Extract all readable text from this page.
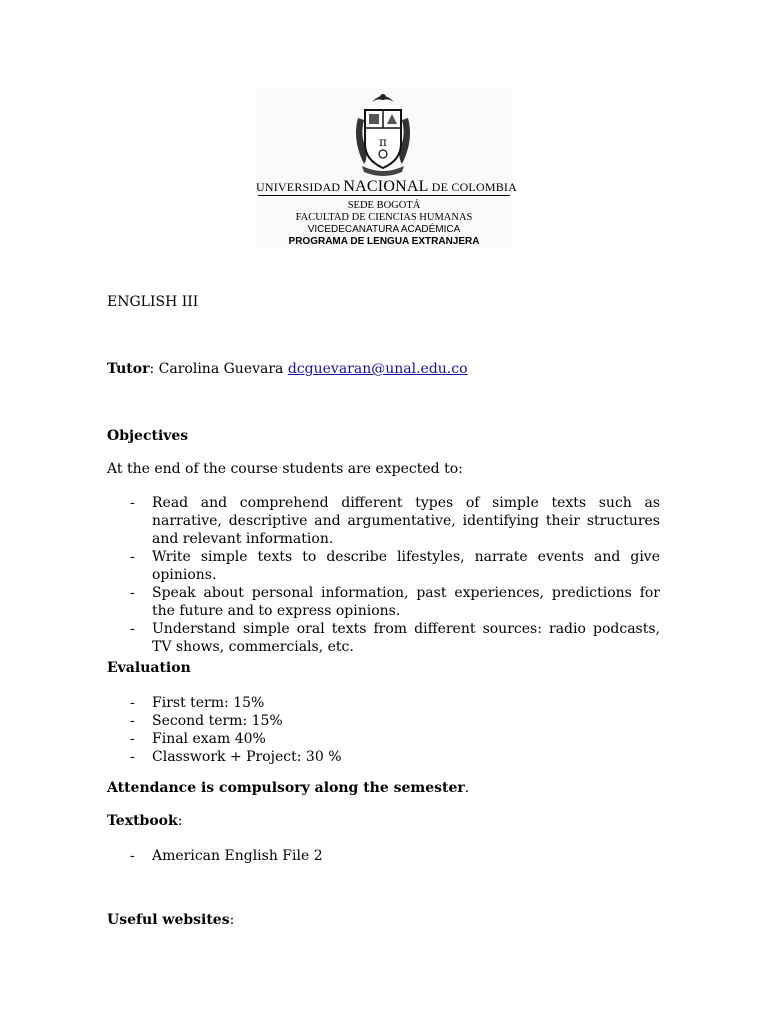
π
UNIVERSIDAD NACIONAL DE COLOMBIA
SEDE BOGOTÁ
FACULTAD DE CIENCIAS HUMANAS
VICEDECANATURA ACADÉMICA
PROGRAMA DE LENGUA EXTRANJERA
ENGLISH III
Tutor: Carolina Guevara dcguevaran@unal.edu.co
Objectives
At the end of the course students are expected to:
- Read and comprehend different types of simple texts such as narrative, descriptive and argumentative, identifying their structures and relevant information.
- Write simple texts to describe lifestyles, narrate events and give opinions.
- Speak about personal information, past experiences, predictions for the future and to express opinions.
- Understand simple oral texts from different sources: radio podcasts, TV shows, commercials, etc.
Evaluation
- First term: 15%
- Second term: 15%
- Final exam 40%
- Classwork + Project: 30 %
Attendance is compulsory along the semester.
Textbook:
- American English File 2
Useful websites:
